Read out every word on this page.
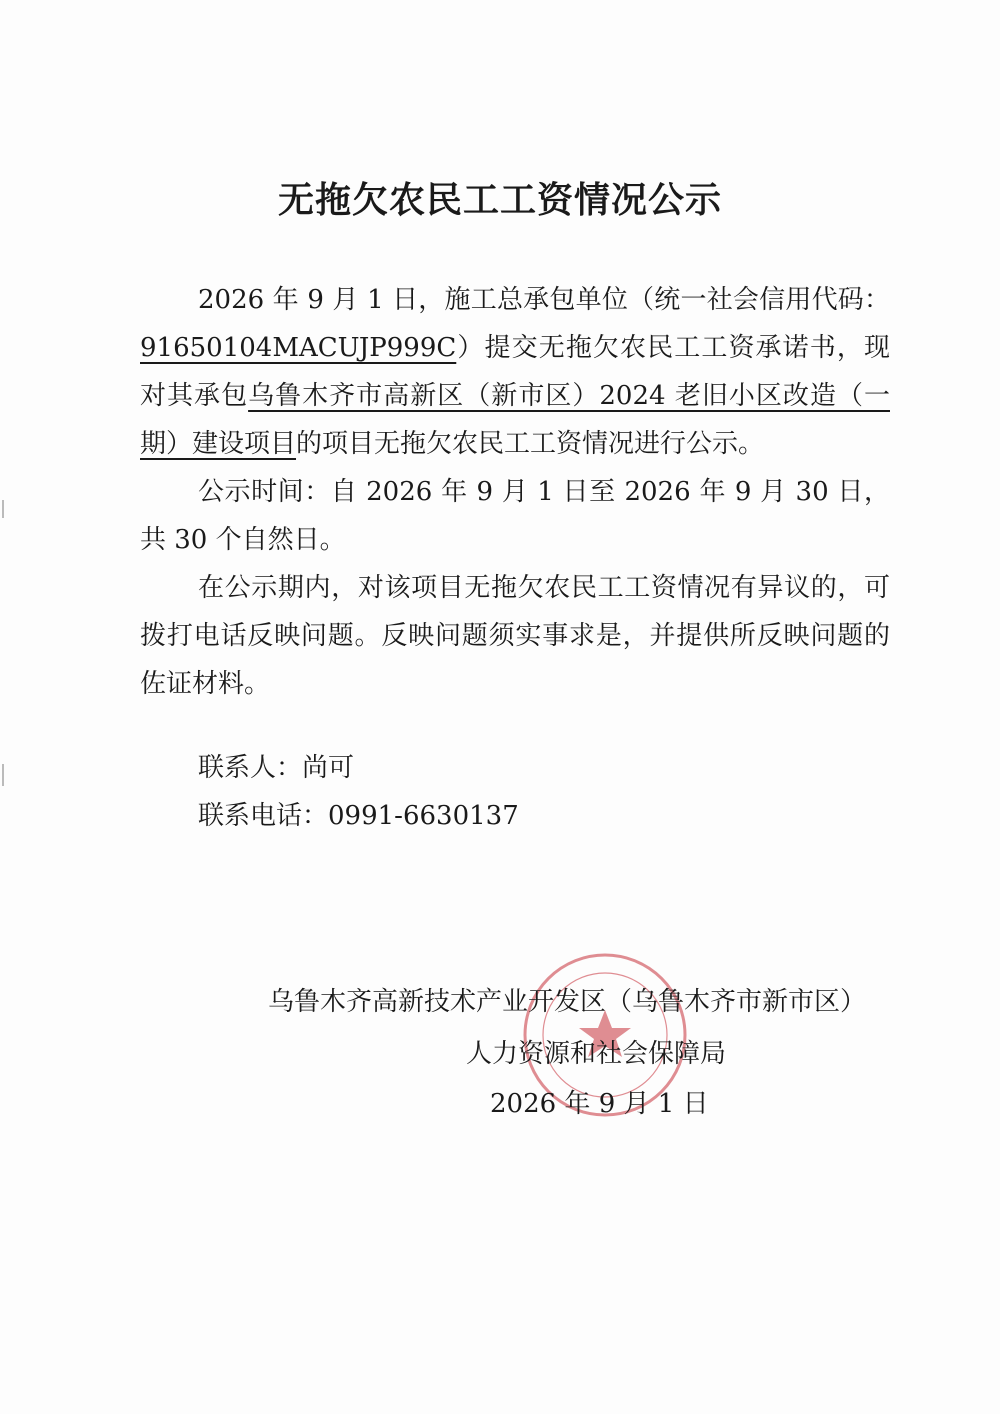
无拖欠农民工工资情况公示

2026 年 9 月 1 日，施工总承包单位（统一社会信用代码：91650104MACUJP999C）提交无拖欠农民工工资承诺书，现对其承包乌鲁木齐市高新区（新市区）2024 老旧小区改造（一期）建设项目的项目无拖欠农民工工资情况进行公示。

公示时间：自 2026 年 9 月 1 日至 2026 年 9 月 30 日，共 30 个自然日。

在公示期内，对该项目无拖欠农民工工资情况有异议的，可拨打电话反映问题。反映问题须实事求是，并提供所反映问题的佐证材料。

联系人：尚可
联系电话：0991-6630137
乌鲁木齐高新技术产业开发区（乌鲁木齐市新市区）
人力资源和社会保障局
2026 年 9 月 1 日
